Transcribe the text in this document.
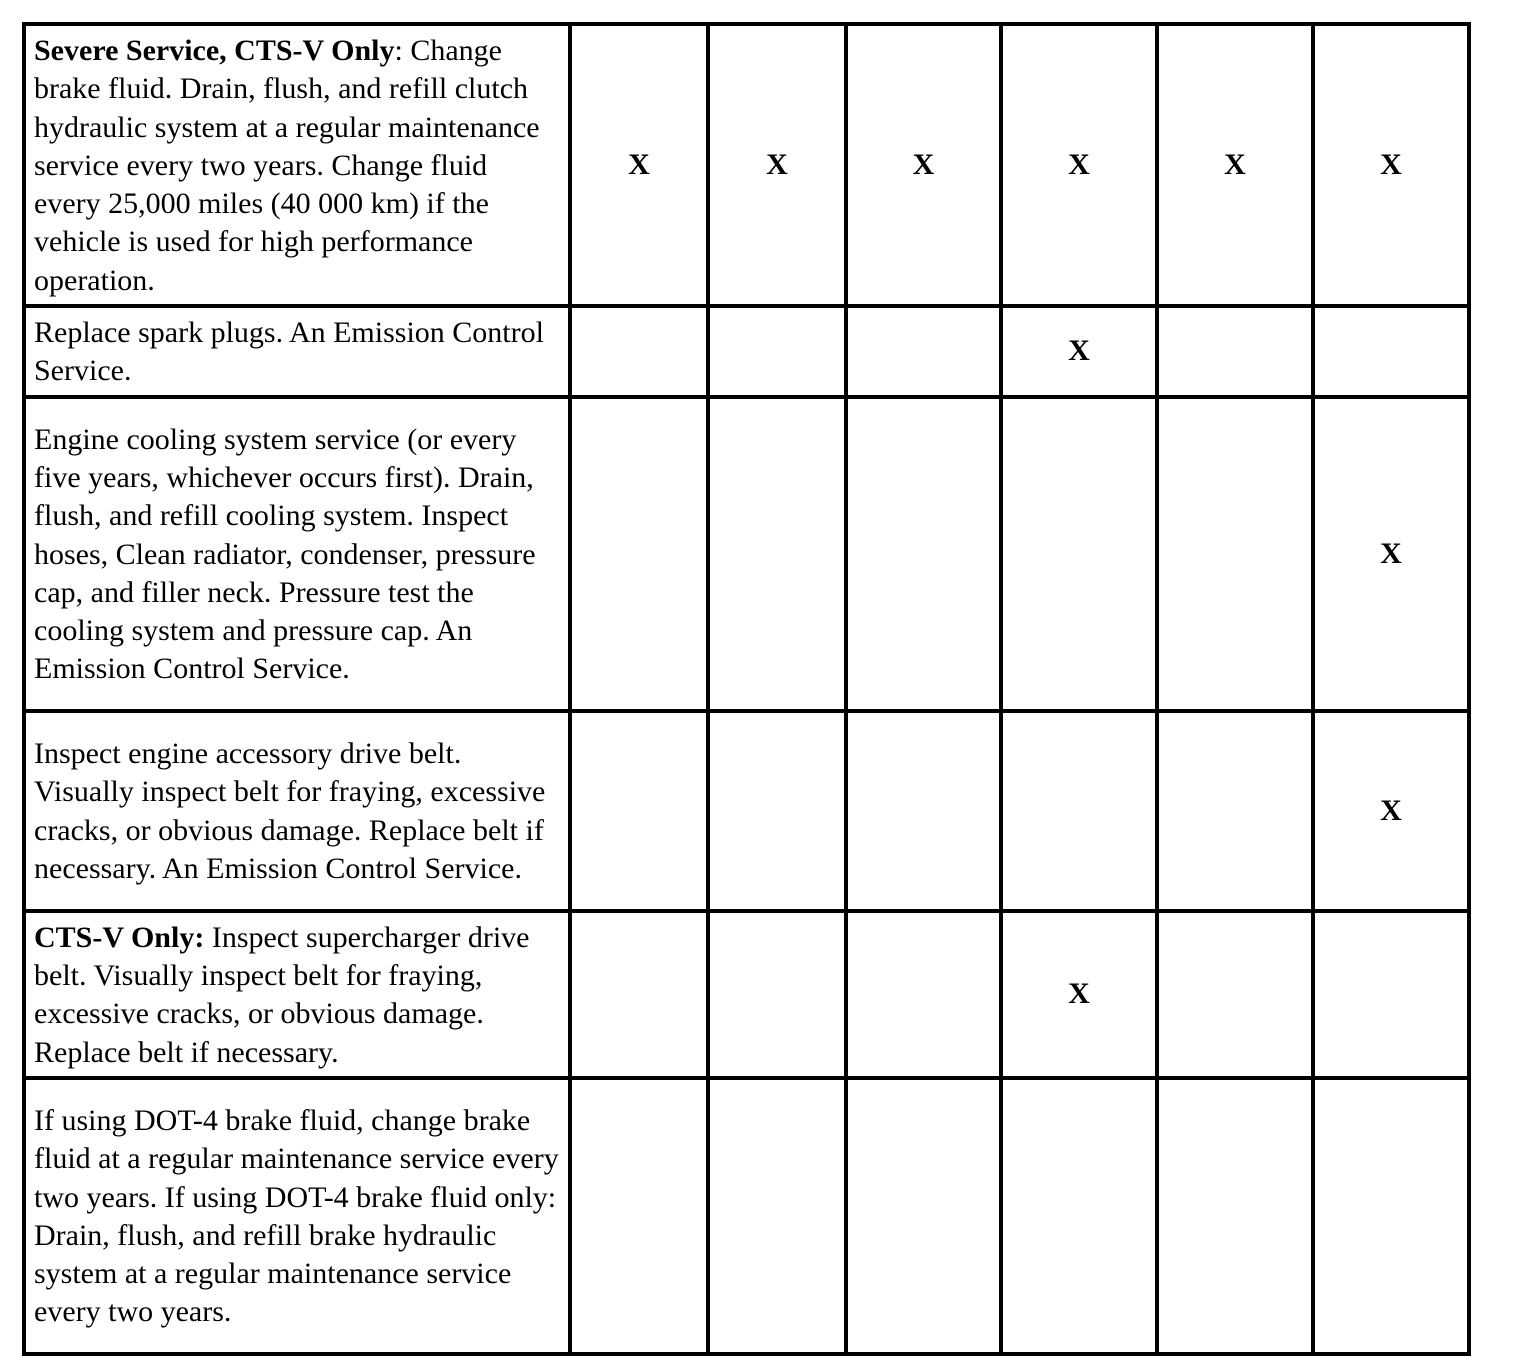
Severe Service, CTS-V Only: Change brake fluid. Drain, flush, and refill clutch hydraulic system at a regular maintenance service every two years. Change fluid every 25,000 miles (40 000 km) if the vehicle is used for high performance operation.	X	X	X	X	X	X
Replace spark plugs. An Emission Control Service.				X		
Engine cooling system service (or every five years, whichever occurs first). Drain, flush, and refill cooling system. Inspect hoses, Clean radiator, condenser, pressure cap, and filler neck. Pressure test the cooling system and pressure cap. An Emission Control Service.						X
Inspect engine accessory drive belt. Visually inspect belt for fraying, excessive cracks, or obvious damage. Replace belt if necessary. An Emission Control Service.						X
CTS-V Only: Inspect supercharger drive belt. Visually inspect belt for fraying, excessive cracks, or obvious damage. Replace belt if necessary.				X		
If using DOT-4 brake fluid, change brake fluid at a regular maintenance service every two years. If using DOT-4 brake fluid only: Drain, flush, and refill brake hydraulic system at a regular maintenance service every two years.						
